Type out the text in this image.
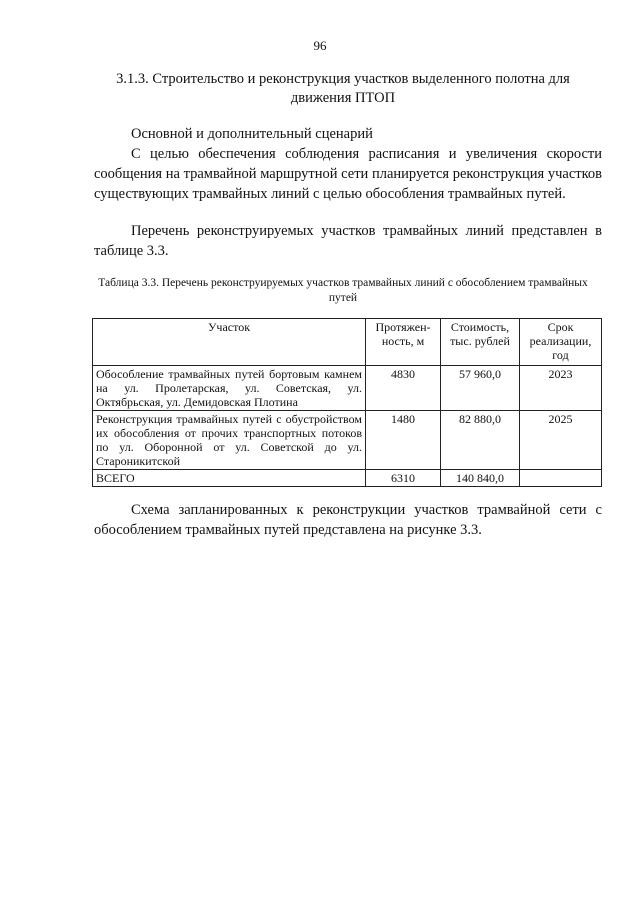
96
3.1.3. Строительство и реконструкция участков выделенного полотна для движения ПТОП
Основной и дополнительный сценарий
С целью обеспечения соблюдения расписания и увеличения скорости сообщения на трамвайной маршрутной сети планируется реконструкция участков существующих трамвайных линий с целью обособления трамвайных путей.
Перечень реконструируемых участков трамвайных линий представлен в таблице 3.3.
Таблица 3.3. Перечень реконструируемых участков трамвайных линий с обособлением трамвайных путей
Участок	Протяжен-ность, м	Стоимость, тыс. рублей	Срок реализации, год
Обособление трамвайных путей бортовым камнем на ул. Пролетарская, ул. Советская, ул. Октябрьская, ул. Демидовская Плотина	4830	57 960,0	2023
Реконструкция трамвайных путей с обустройством их обособления от прочих транспортных потоков по ул. Оборонной от ул. Советской до ул. Староникитской	1480	82 880,0	2025
ВСЕГО	6310	140 840,0	
Схема запланированных к реконструкции участков трамвайной сети с обособлением трамвайных путей представлена на рисунке 3.3.
